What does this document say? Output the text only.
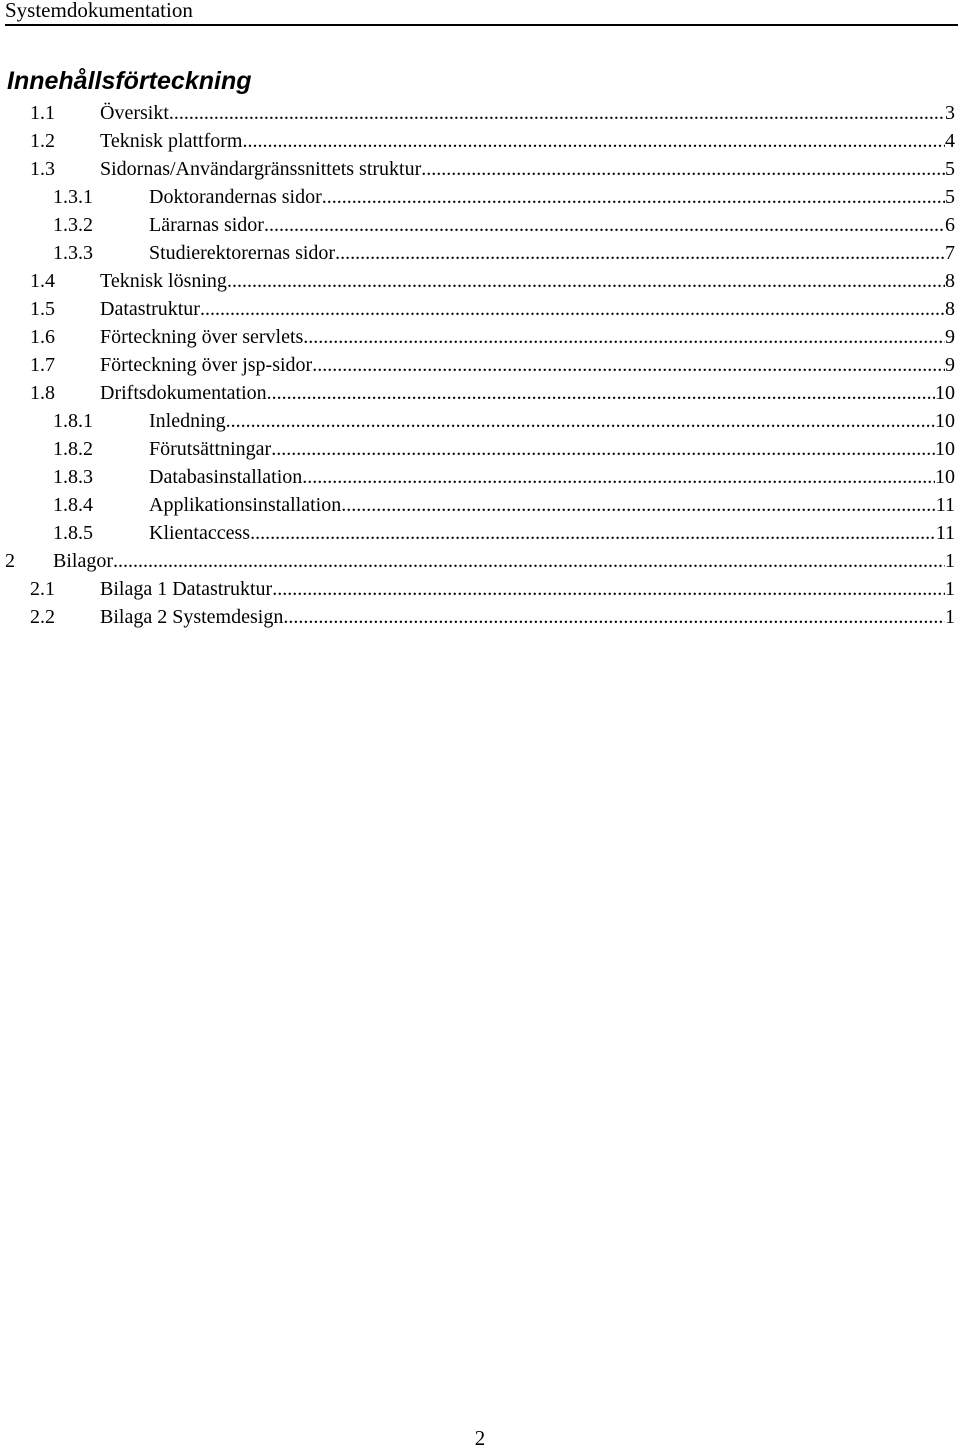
Systemdokumentation
Innehållsförteckning
1.1 Översikt .....	3
1.2 Teknisk plattform .....	4
1.3 Sidornas/Användargränssnittets struktur .....	5
1.3.1	Doktorandernas sidor .....	5
1.3.2	Lärarnas sidor .....	6
1.3.3	Studierektorernas sidor .....	7
1.4 Teknisk lösning .....	8
1.5 Datastruktur .....	8
1.6 Förteckning över servlets .....	9
1.7 Förteckning över jsp-sidor .....	9
1.8 Driftsdokumentation .....	10
1.8.1	Inledning .....	10
1.8.2	Förutsättningar .....	10
1.8.3	Databasinstallation .....	10
1.8.4	Applikationsinstallation .....	11
1.8.5	Klientaccess .....	11
2 Bilagor .....	1
2.1 Bilaga 1 Datastruktur .....	1
2.2 Bilaga 2 Systemdesign .....	1
2
